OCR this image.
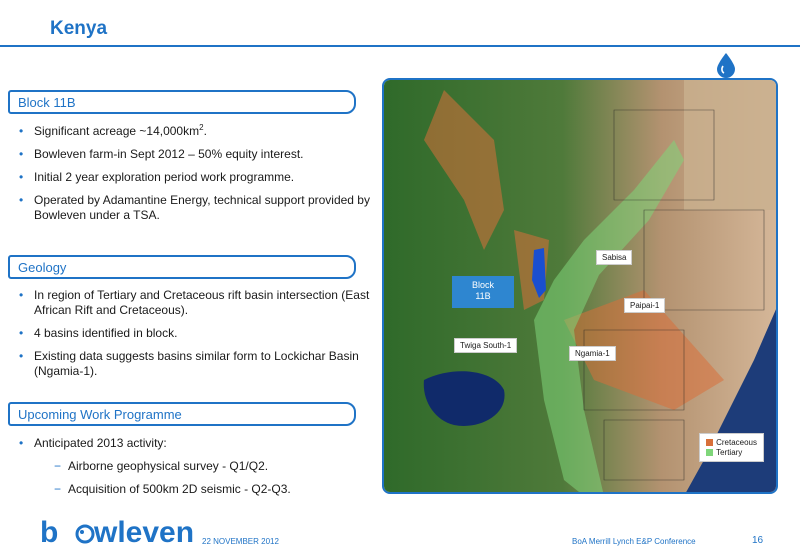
Kenya
Block 11B
• Significant acreage $\sim 14,000km^2$.
• Bowleven farm-in Sept 2012 – 50% equity interest.
• Initial 2 year exploration period work programme.
• Operated by Adamantine Energy, technical support provided by Bowleven under a TSA.
Geology
• In region of Tertiary and Cretaceous rift basin intersection (East African Rift and Cretaceous).
• 4 basins identified in block.
• Existing data suggests basins similar form to Lockichar Basin (Ngamia-1).
Upcoming Work Programme
• Anticipated 2013 activity:
− Airborne geophysical survey - Q1/Q2.
− Acquisition of 500km 2D seismic - Q2-Q3.
Block
11B
Sabisa
Paipai-1
Twiga South-1
Ngamia-1
Cretaceous
Tertiary
b wleven 22 NOVEMBER 2012	BoA Merrill Lynch E&P Conference	16
